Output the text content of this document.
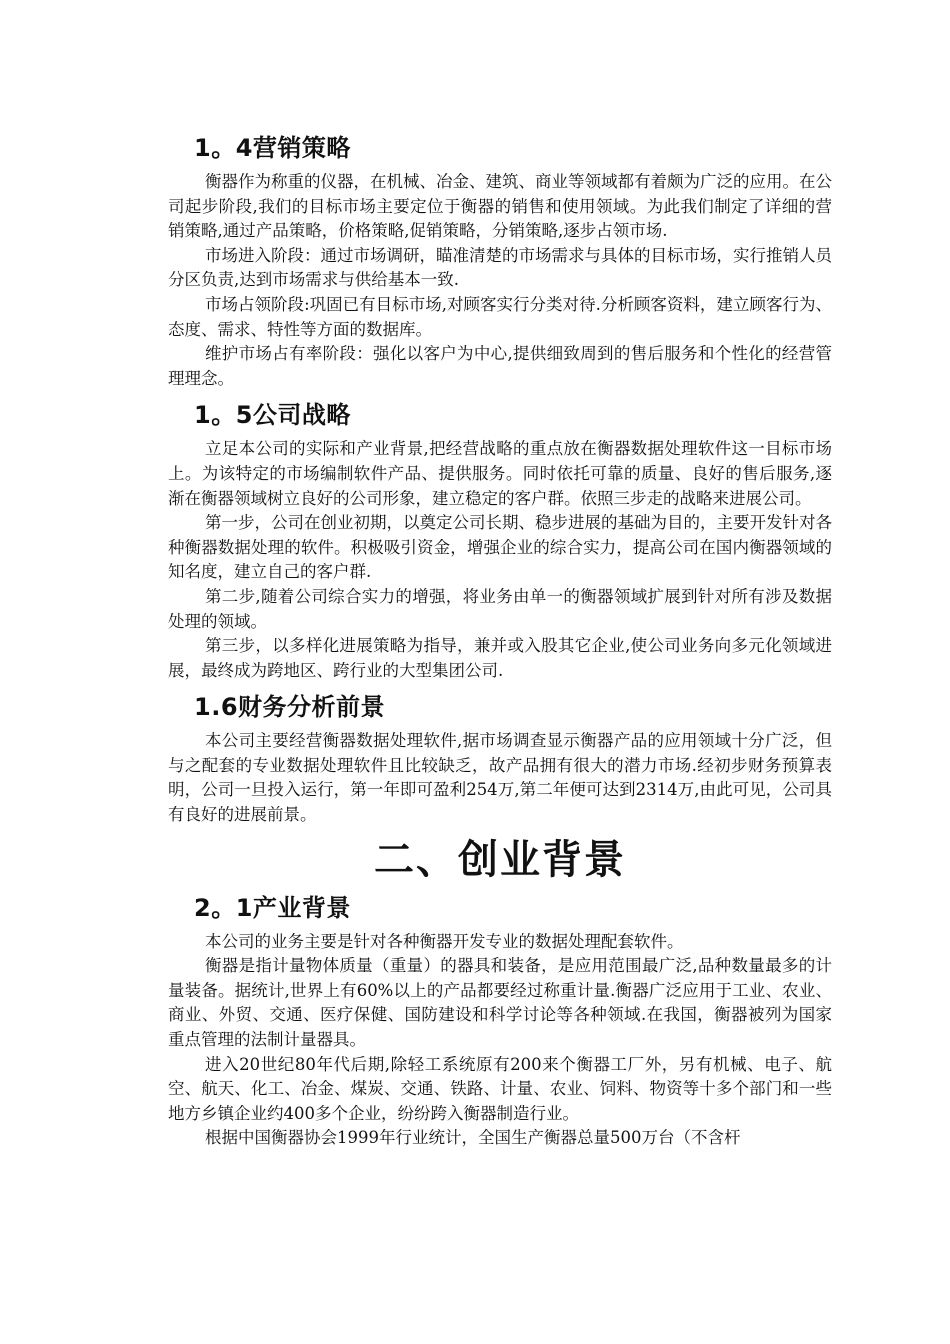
1。4营销策略

衡器作为称重的仪器，在机械、冶金、建筑、商业等领域都有着颇为广泛的应用。在公司起步阶段,我们的目标市场主要定位于衡器的销售和使用领域。为此我们制定了详细的营销策略,通过产品策略，价格策略,促销策略，分销策略,逐步占领市场.

市场进入阶段：通过市场调研，瞄准清楚的市场需求与具体的目标市场，实行推销人员分区负责,达到市场需求与供给基本一致.

市场占领阶段:巩固已有目标市场,对顾客实行分类对待.分析顾客资料，建立顾客行为、态度、需求、特性等方面的数据库。

维护市场占有率阶段：强化以客户为中心,提供细致周到的售后服务和个性化的经营管理理念。

1。5公司战略

立足本公司的实际和产业背景,把经营战略的重点放在衡器数据处理软件这一目标市场上。为该特定的市场编制软件产品、提供服务。同时依托可靠的质量、良好的售后服务,逐渐在衡器领域树立良好的公司形象，建立稳定的客户群。依照三步走的战略来进展公司。

第一步，公司在创业初期，以奠定公司长期、稳步进展的基础为目的，主要开发针对各种衡器数据处理的软件。积极吸引资金，增强企业的综合实力，提高公司在国内衡器领域的知名度，建立自己的客户群.

第二步,随着公司综合实力的增强，将业务由单一的衡器领域扩展到针对所有涉及数据处理的领域。

第三步，以多样化进展策略为指导，兼并或入股其它企业,使公司业务向多元化领域进展，最终成为跨地区、跨行业的大型集团公司.

1.6财务分析前景

本公司主要经营衡器数据处理软件,据市场调查显示衡器产品的应用领域十分广泛，但与之配套的专业数据处理软件且比较缺乏，故产品拥有很大的潜力市场.经初步财务预算表明，公司一旦投入运行，第一年即可盈利254万,第二年便可达到2314万,由此可见，公司具有良好的进展前景。

二、创业背景
2。1产业背景

本公司的业务主要是针对各种衡器开发专业的数据处理配套软件。

衡器是指计量物体质量（重量）的器具和装备，是应用范围最广泛,品种数量最多的计量装备。据统计,世界上有60%以上的产品都要经过称重计量.衡器广泛应用于工业、农业、商业、外贸、交通、医疗保健、国防建设和科学讨论等各种领域.在我国，衡器被列为国家重点管理的法制计量器具。

进入20世纪80年代后期,除轻工系统原有200来个衡器工厂外，另有机械、电子、航空、航天、化工、冶金、煤炭、交通、铁路、计量、农业、饲料、物资等十多个部门和一些地方乡镇企业约400多个企业，纷纷跨入衡器制造行业。

根据中国衡器协会1999年行业统计，全国生产衡器总量500万台（不含杆
